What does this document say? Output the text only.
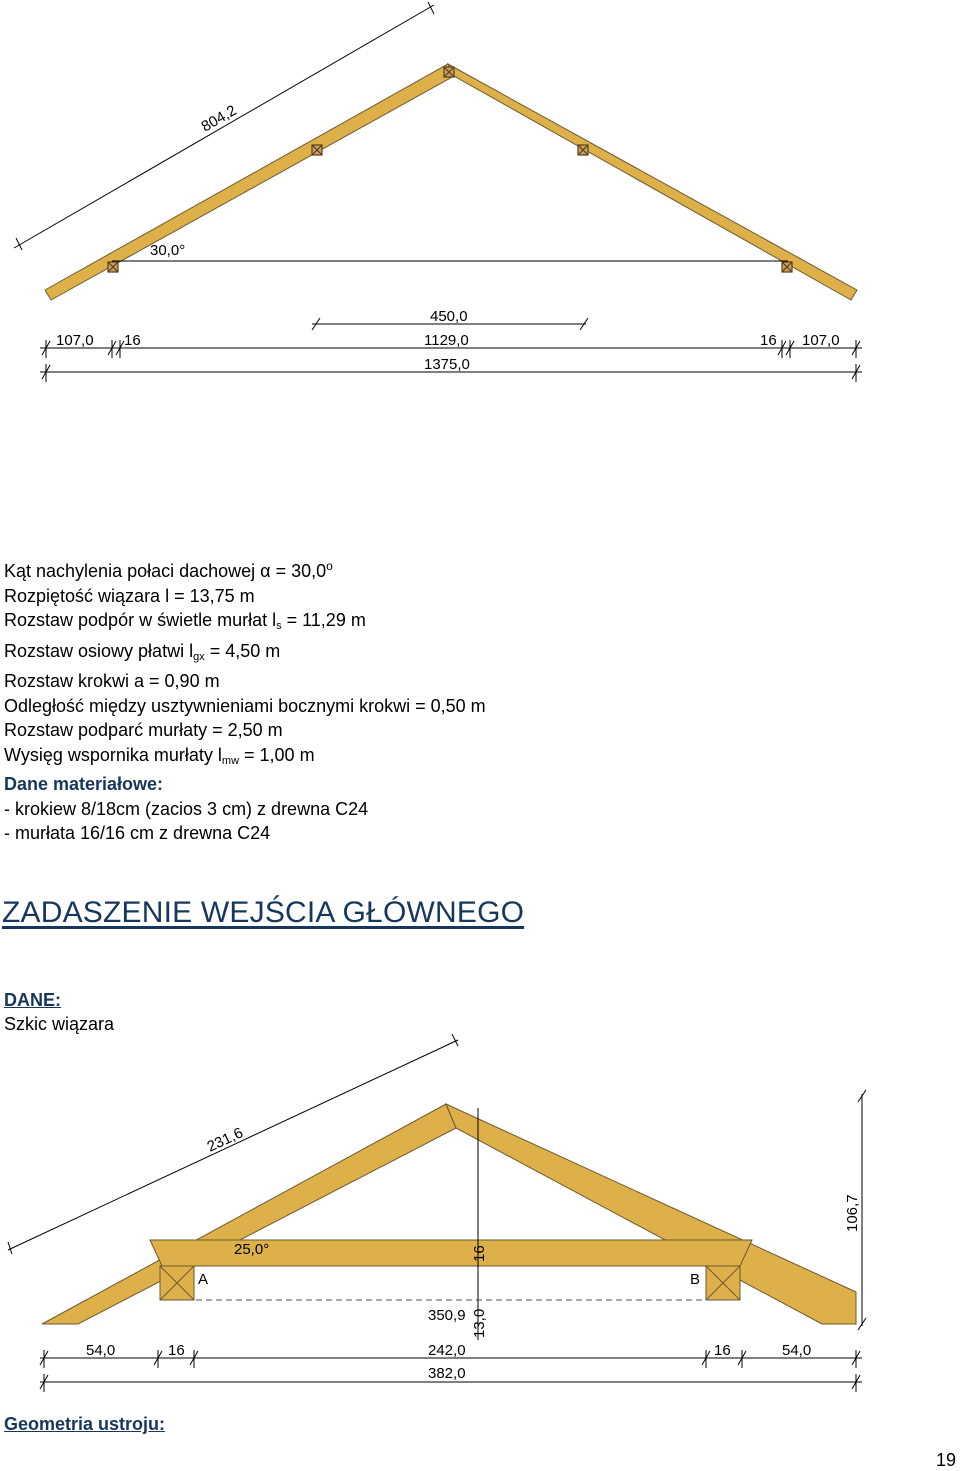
30,0°
804,2
450,0
107,0 16	1129,0	16 107,0
1375,0
Kąt nachylenia połaci dachowej $\alpha = 30,0^o$
Rozpiętość wiązara l = 13,75 m
Rozstaw podpór w świetle murłat $l_s = 11,29$ m
Rozstaw osiowy płatwi $l_{gx} = 4,50$ m
Rozstaw krokwi a = 0,90 m
Odległość między usztywnieniami bocznymi krokwi = 0,50 m
Rozstaw podparć murłaty = 2,50 m
Wysięg wspornika murłaty $l_{mw} = 1,00$ m
Dane materiałowe:
- krokiew 8/18cm (zacios 3 cm) z drewna C24
- murłata 16/16 cm z drewna C24
ZADASZENIE WEJŚCIA GŁÓWNEGO
DANE:
Szkic wiązara
A	B
350,9
25,0°	16
13,0
106,7
231,6
54,0	16	242,0	16	54,0
382,0
Geometria ustroju:
19
